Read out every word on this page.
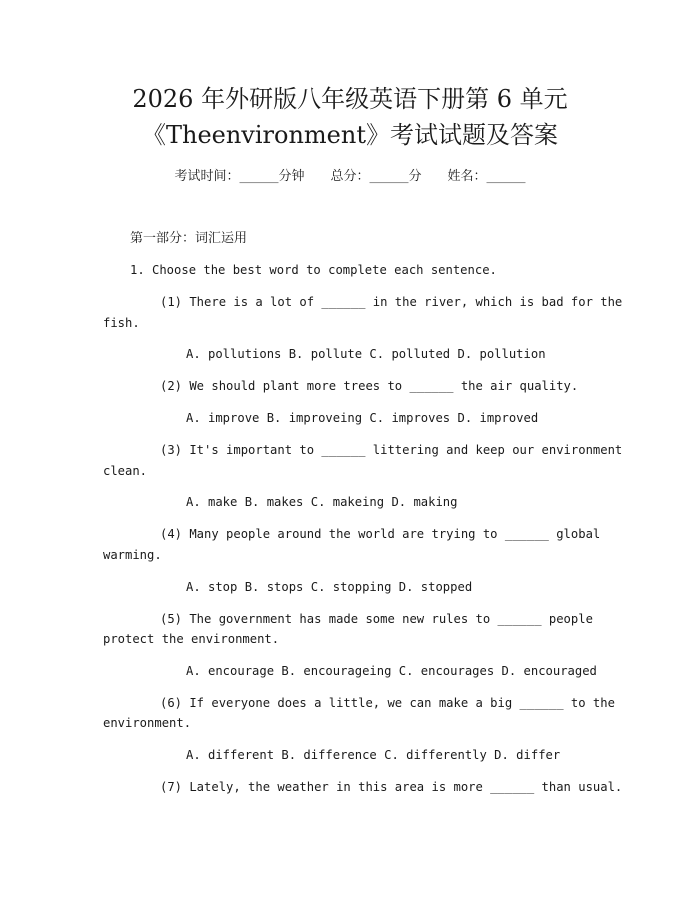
2026 年外研版八年级英语下册第 6 单元
《Theenvironment》考试试题及答案
考试时间：______分钟 总分：______分 姓名：______
第一部分：词汇运用
1. Choose the best word to complete each sentence.
(1) There is a lot of ______ in the river, which is bad for the
fish.
A. pollutions B. pollute C. polluted D. pollution
(2) We should plant more trees to ______ the air quality.
A. improve B. improveing C. improves D. improved
(3) It's important to ______ littering and keep our environment
clean.
A. make B. makes C. makeing D. making
(4) Many people around the world are trying to ______ global
warming.
A. stop B. stops C. stopping D. stopped
(5) The government has made some new rules to ______ people
protect the environment.
A. encourage B. encourageing C. encourages D. encouraged
(6) If everyone does a little, we can make a big ______ to the
environment.
A. different B. difference C. differently D. differ
(7) Lately, the weather in this area is more ______ than usual.
